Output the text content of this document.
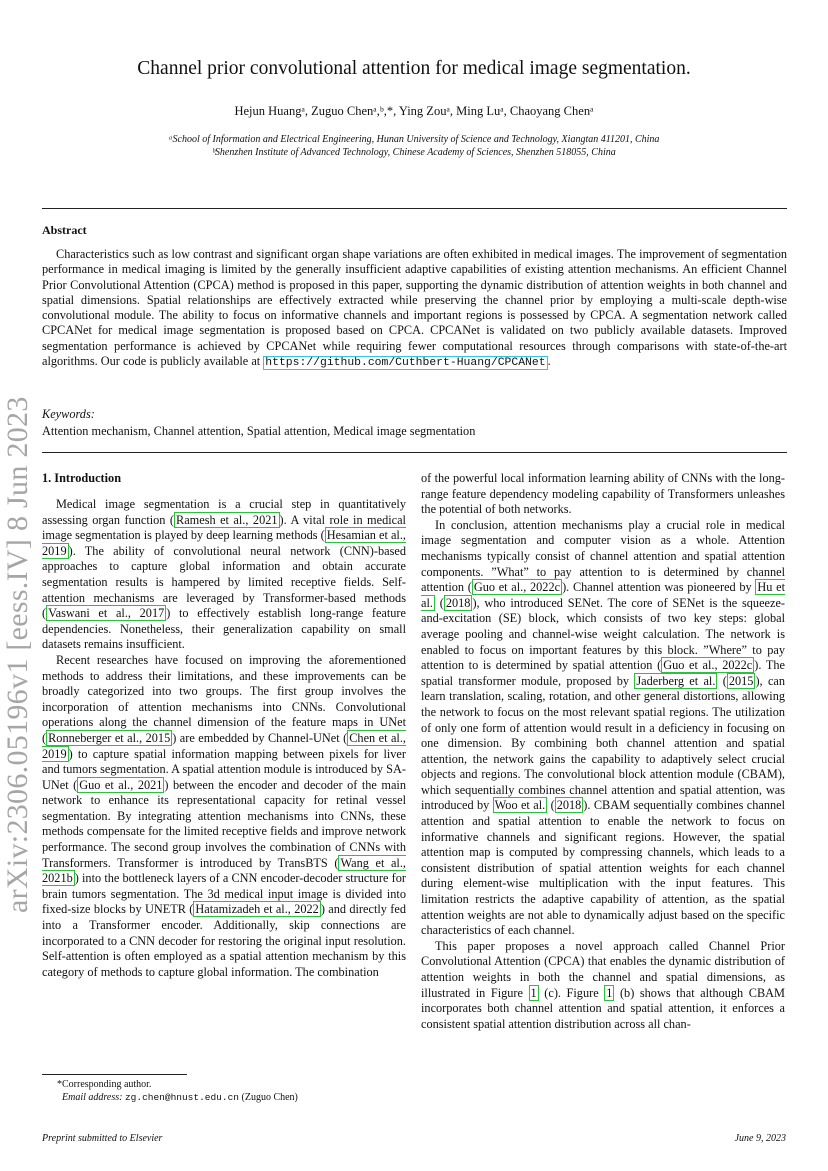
arXiv:2306.05196v1 [eess.IV] 8 Jun 2023
Channel prior convolutional attention for medical image segmentation.
Hejun Huangᵃ, Zuguo Chenᵃ,ᵇ,*, Ying Zouᵃ, Ming Luᵃ, Chaoyang Chenᵃ
ᵃSchool of Information and Electrical Engineering, Hunan University of Science and Technology, Xiangtan 411201, China
ᵇShenzhen Institute of Advanced Technology, Chinese Academy of Sciences, Shenzhen 518055, China
Abstract

Characteristics such as low contrast and significant organ shape variations are often exhibited in medical images. The improvement of segmentation performance in medical imaging is limited by the generally insufficient adaptive capabilities of existing attention mechanisms. An efficient Channel Prior Convolutional Attention (CPCA) method is proposed in this paper, supporting the dynamic distribution of attention weights in both channel and spatial dimensions. Spatial relationships are effectively extracted while preserving the channel prior by employing a multi-scale depth-wise convolutional module. The ability to focus on informative channels and important regions is possessed by CPCA. A segmentation network called CPCANet for medical image segmentation is proposed based on CPCA. CPCANet is validated on two publicly available datasets. Improved segmentation performance is achieved by CPCANet while requiring fewer computational resources through comparisons with state-of-the-art algorithms. Our code is publicly available at https://github.com/Cuthbert-Huang/CPCANet .

Keywords:
Attention mechanism, Channel attention, Spatial attention, Medical image segmentation
1. Introduction

Medical image segmentation is a crucial step in quantitatively assessing organ function ( Ramesh et al., 2021 ). A vital role in medical image segmentation is played by deep learning methods ( Hesamian et al., 2019 ). The ability of convolutional neural network (CNN)-based approaches to capture global information and obtain accurate segmentation results is hampered by limited receptive fields. Self-attention mechanisms are leveraged by Transformer-based methods ( Vaswani et al., 2017 ) to effectively establish long-range feature dependencies. Nonetheless, their generalization capability on small datasets remains insufficient.

Recent researches have focused on improving the aforementioned methods to address their limitations, and these improvements can be broadly categorized into two groups. The first group involves the incorporation of attention mechanisms into CNNs. Convolutional operations along the channel dimension of the feature maps in UNet ( Ronneberger et al., 2015 ) are embedded by Channel-UNet ( Chen et al., 2019 ) to capture spatial information mapping between pixels for liver and tumors segmentation. A spatial attention module is introduced by SA-UNet ( Guo et al., 2021 ) between the encoder and decoder of the main network to enhance its representational capacity for retinal vessel segmentation. By integrating attention mechanisms into CNNs, these methods compensate for the limited receptive fields and improve network performance. The second group involves the combination of CNNs with Transformers. Transformer is introduced by TransBTS ( Wang et al., 2021b ) into the bottleneck layers of a CNN encoder-decoder structure for brain tumors segmentation. The 3d medical input image is divided into fixed-size blocks by UNETR ( Hatamizadeh et al., 2022 ) and directly fed into a Transformer encoder. Additionally, skip connections are incorporated to a CNN decoder for restoring the original input resolution. Self-attention is often employed as a spatial attention mechanism by this category of methods to capture global information. The combination

of the powerful local information learning ability of CNNs with the long-range feature dependency modeling capability of Transformers unleashes the potential of both networks.

In conclusion, attention mechanisms play a crucial role in medical image segmentation and computer vision as a whole. Attention mechanisms typically consist of channel attention and spatial attention components. ”What” to pay attention to is determined by channel attention ( Guo et al., 2022c ). Channel attention was pioneered by Hu et al. ( 2018 ), who introduced SENet. The core of SENet is the squeeze-and-excitation (SE) block, which consists of two key steps: global average pooling and channel-wise weight calculation. The network is enabled to focus on important features by this block. ”Where” to pay attention to is determined by spatial attention ( Guo et al., 2022c ). The spatial transformer module, proposed by Jaderberg et al. ( 2015 ), can learn translation, scaling, rotation, and other general distortions, allowing the network to focus on the most relevant spatial regions. The utilization of only one form of attention would result in a deficiency in focusing on one dimension. By combining both channel attention and spatial attention, the network gains the capability to adaptively select crucial objects and regions. The convolutional block attention module (CBAM), which sequentially combines channel attention and spatial attention, was introduced by Woo et al. ( 2018 ). CBAM sequentially combines channel attention and spatial attention to enable the network to focus on informative channels and significant regions. However, the spatial attention map is computed by compressing channels, which leads to a consistent distribution of spatial attention weights for each channel during element-wise multiplication with the input features. This limitation restricts the adaptive capability of attention, as the spatial attention weights are not able to dynamically adjust based on the specific characteristics of each channel.

This paper proposes a novel approach called Channel Prior Convolutional Attention (CPCA) that enables the dynamic distribution of attention weights in both the channel and spatial dimensions, as illustrated in Figure 1 (c). Figure 1 (b) shows that although CBAM incorporates both channel attention and spatial attention, it enforces a consistent spatial attention distribution across all chan-

*Corresponding author.
Email address: zg.chen@hnust.edu.cn (Zuguo Chen)
Preprint submitted to Elsevier	June 9, 2023
